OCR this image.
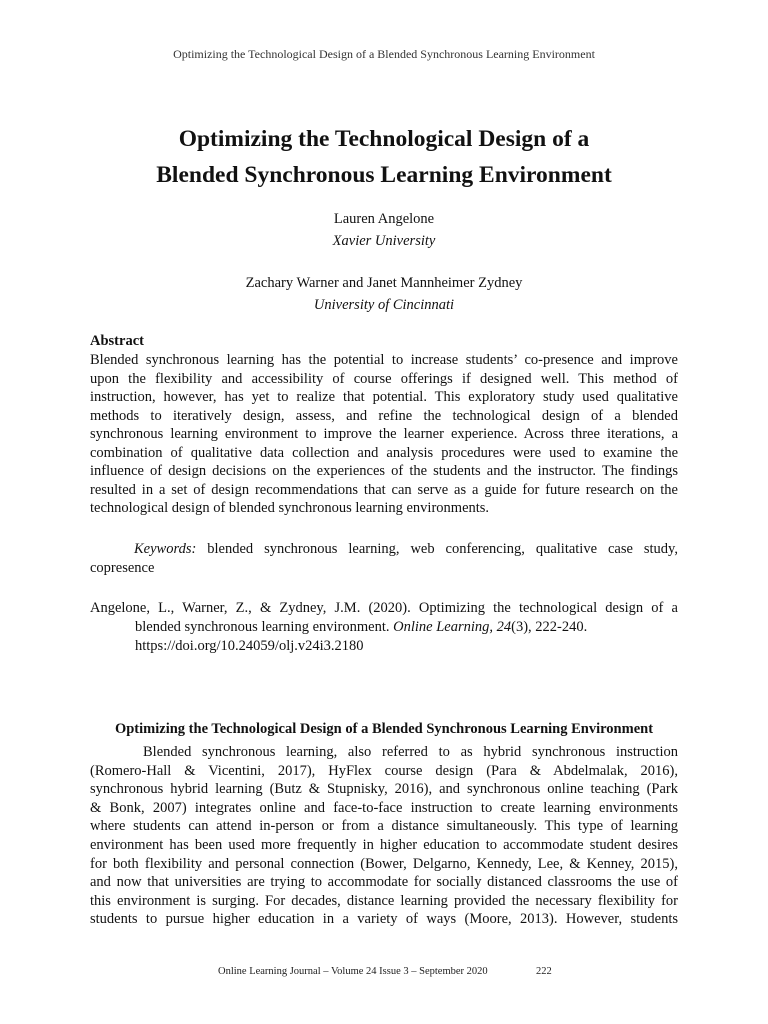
Optimizing the Technological Design of a Blended Synchronous Learning Environment
Optimizing the Technological Design of a
Blended Synchronous Learning Environment
Lauren Angelone
Xavier University
Zachary Warner and Janet Mannheimer Zydney
University of Cincinnati
Abstract
Blended synchronous learning has the potential to increase students’ co-presence and improve
upon the flexibility and accessibility of course offerings if designed well. This method of
instruction, however, has yet to realize that potential. This exploratory study used qualitative
methods to iteratively design, assess, and refine the technological design of a blended
synchronous learning environment to improve the learner experience. Across three iterations, a
combination of qualitative data collection and analysis procedures were used to examine the
influence of design decisions on the experiences of the students and the instructor. The findings
resulted in a set of design recommendations that can serve as a guide for future research on the
technological design of blended synchronous learning environments.
Keywords: blended synchronous learning, web conferencing, qualitative case study,
copresence
Angelone, L., Warner, Z., & Zydney, J.M. (2020). Optimizing the technological design of a
blended synchronous learning environment. Online Learning, 24(3), 222-240.
https://doi.org/10.24059/olj.v24i3.2180
Optimizing the Technological Design of a Blended Synchronous Learning Environment
Blended synchronous learning, also referred to as hybrid synchronous instruction
(Romero-Hall & Vicentini, 2017), HyFlex course design (Para & Abdelmalak, 2016),
synchronous hybrid learning (Butz & Stupnisky, 2016), and synchronous online teaching (Park
& Bonk, 2007) integrates online and face-to-face instruction to create learning environments
where students can attend in-person or from a distance simultaneously. This type of learning
environment has been used more frequently in higher education to accommodate student desires
for both flexibility and personal connection (Bower, Delgarno, Kennedy, Lee, & Kenney, 2015),
and now that universities are trying to accommodate for socially distanced classrooms the use of
this environment is surging. For decades, distance learning provided the necessary flexibility for
students to pursue higher education in a variety of ways (Moore, 2013). However, students
Online Learning Journal – Volume 24 Issue 3 – September 2020	222
